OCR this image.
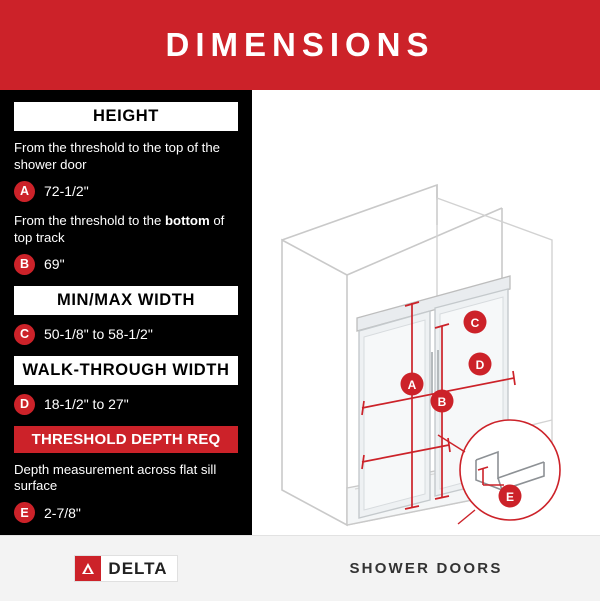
DIMENSIONS
HEIGHT

From the threshold to the top of the shower door

A	72-1/2"

From the threshold to the bottom of top track

B	69"
MIN/MAX WIDTH
C	50-1/8" to 58-1/2"
WALK-THROUGH WIDTH
D	18-1/2" to 27"
THRESHOLD DEPTH REQ

Depth measurement across flat sill surface

E	2-7/8"
A
B
C
D
E
DELTA	SHOWER DOORS
